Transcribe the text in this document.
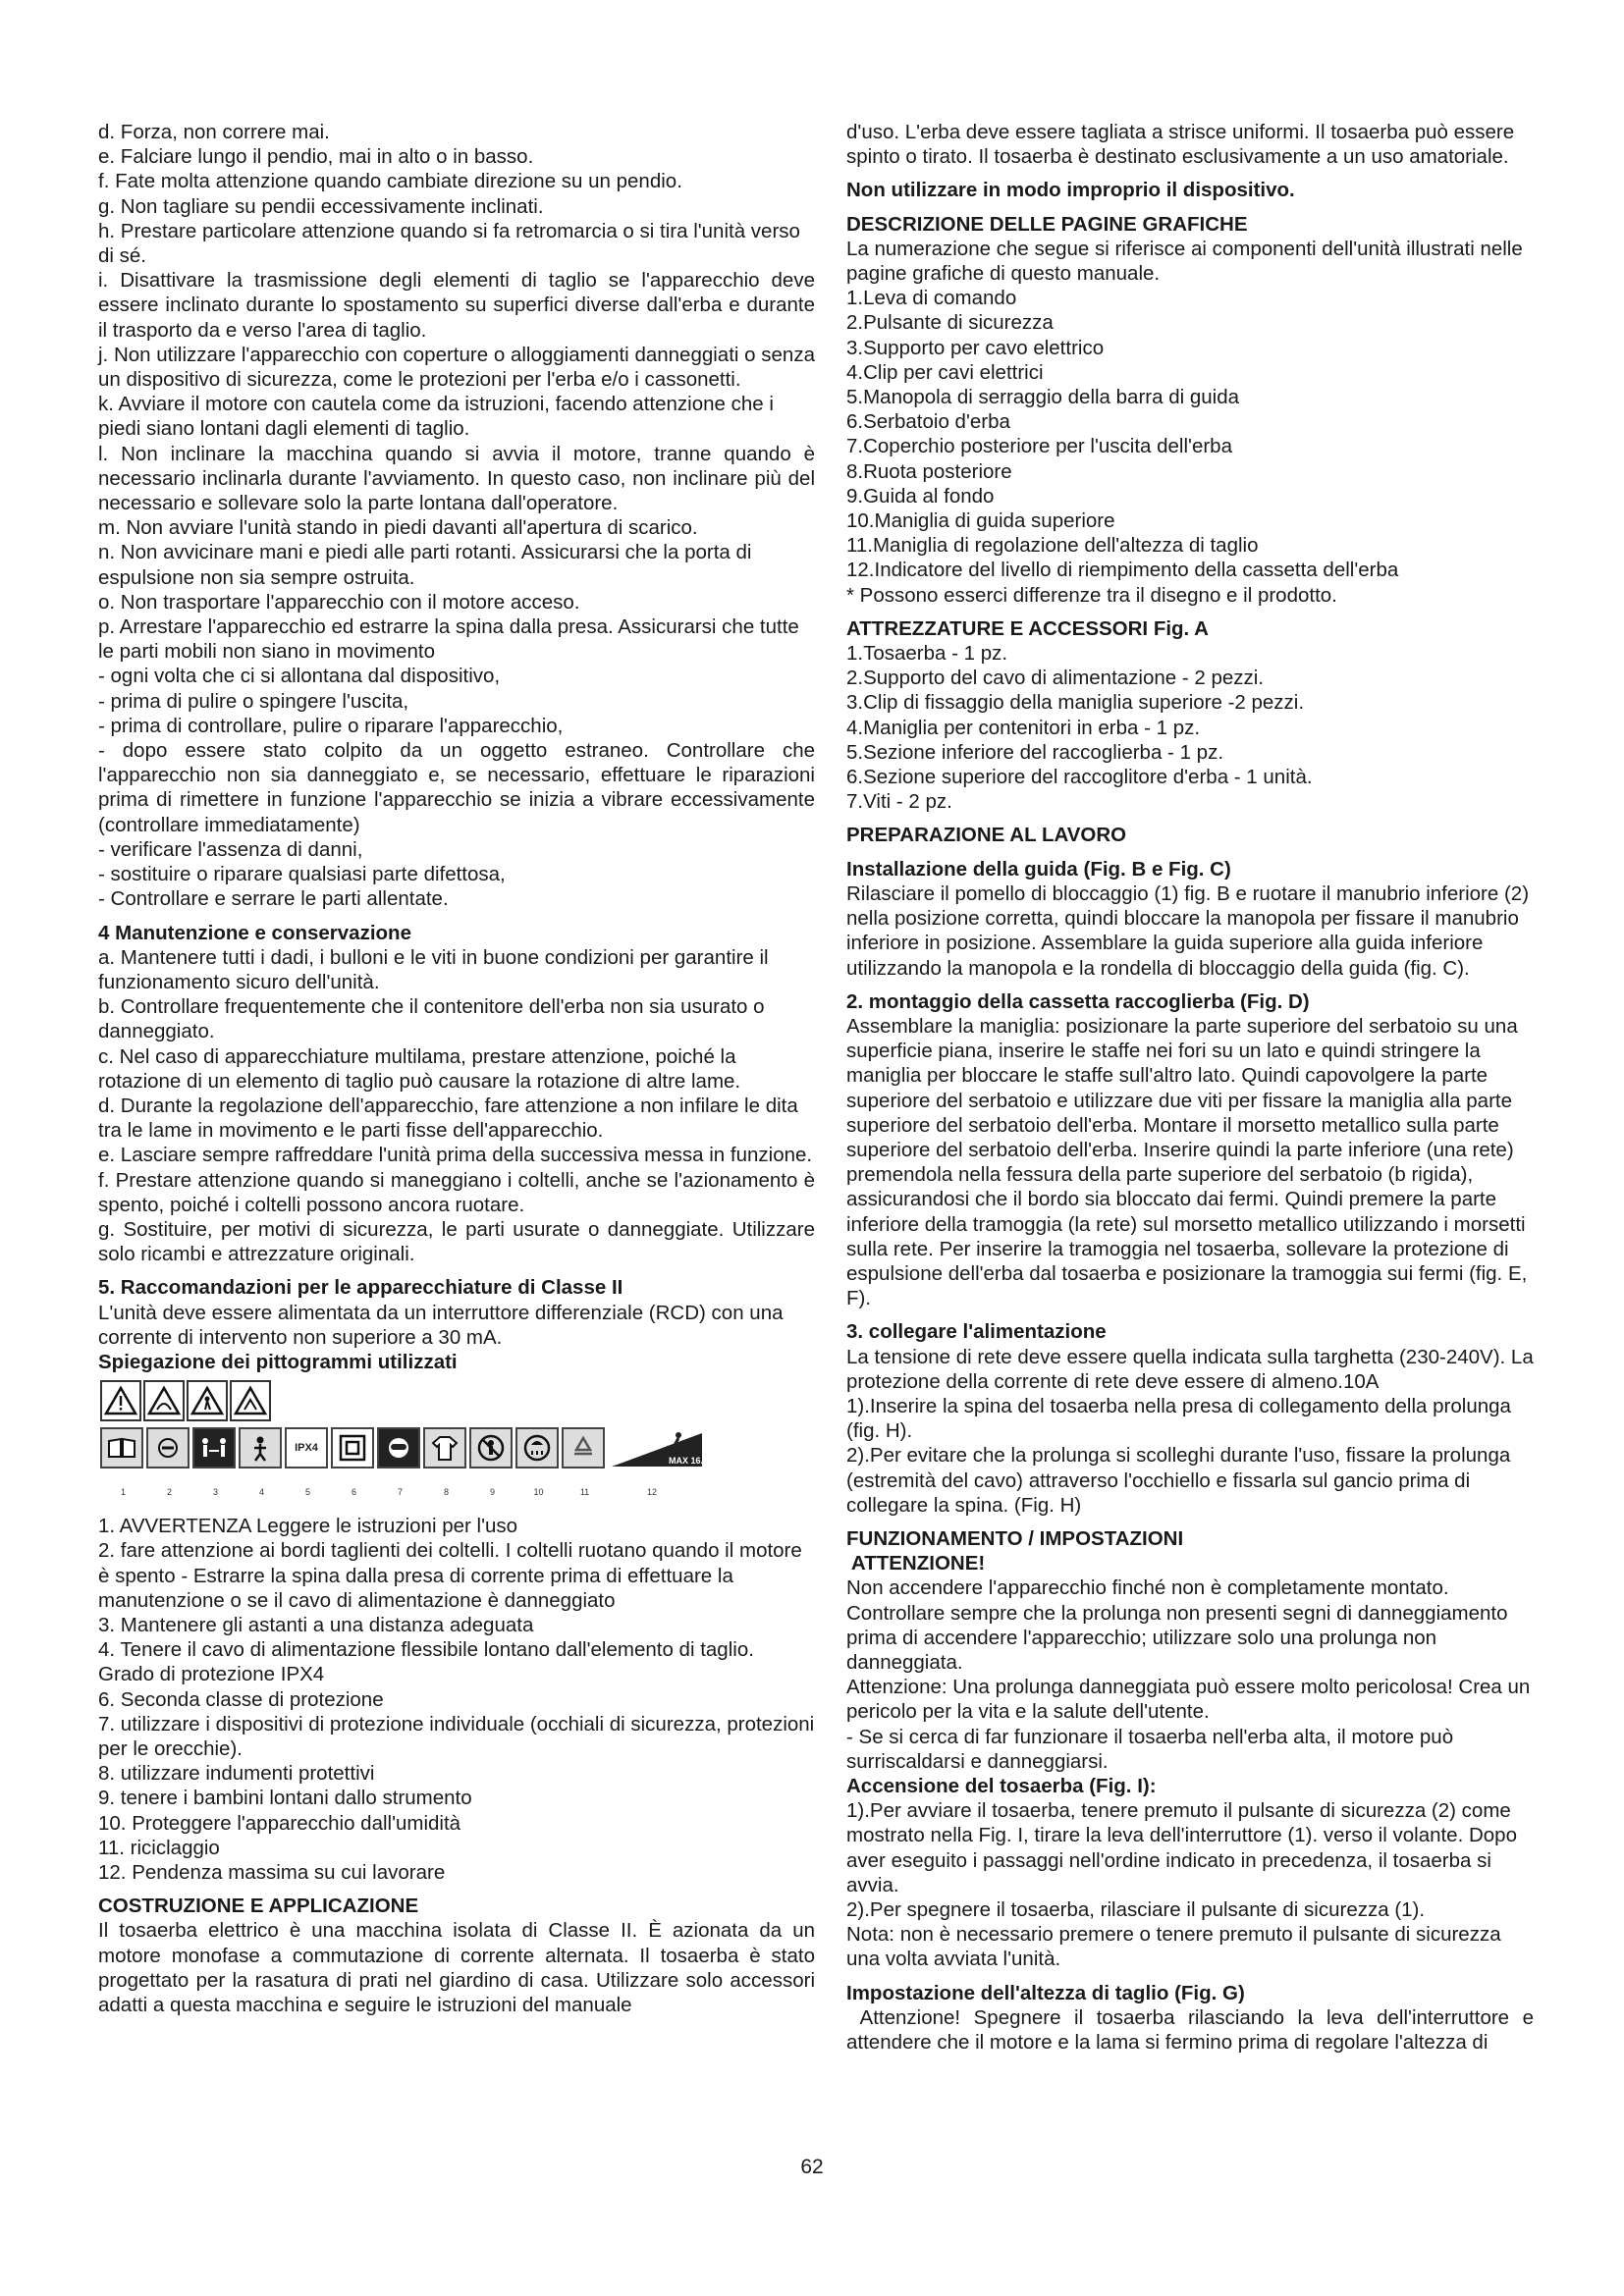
d. Forza, non correre mai.

e. Falciare lungo il pendio, mai in alto o in basso.

f. Fate molta attenzione quando cambiate direzione su un pendio.

g. Non tagliare su pendii eccessivamente inclinati.

h. Prestare particolare attenzione quando si fa retromarcia o si tira l'unità verso di sé.

i. Disattivare la trasmissione degli elementi di taglio se l'apparecchio deve essere inclinato durante lo spostamento su superfici diverse dall'erba e durante il trasporto da e verso l'area di taglio.

j. Non utilizzare l'apparecchio con coperture o alloggiamenti danneggiati o senza un dispositivo di sicurezza, come le protezioni per l'erba e/o i cassonetti.

k. Avviare il motore con cautela come da istruzioni, facendo attenzione che i piedi siano lontani dagli elementi di taglio.

l. Non inclinare la macchina quando si avvia il motore, tranne quando è necessario inclinarla durante l'avviamento. In questo caso, non inclinare più del necessario e sollevare solo la parte lontana dall'operatore.

m. Non avviare l'unità stando in piedi davanti all'apertura di scarico.

n. Non avvicinare mani e piedi alle parti rotanti. Assicurarsi che la porta di espulsione non sia sempre ostruita.

o. Non trasportare l'apparecchio con il motore acceso.

p. Arrestare l'apparecchio ed estrarre la spina dalla presa. Assicurarsi che tutte le parti mobili non siano in movimento

- ogni volta che ci si allontana dal dispositivo,

- prima di pulire o spingere l'uscita,

- prima di controllare, pulire o riparare l'apparecchio,

- dopo essere stato colpito da un oggetto estraneo. Controllare che l'apparecchio non sia danneggiato e, se necessario, effettuare le riparazioni prima di rimettere in funzione l'apparecchio se inizia a vibrare eccessivamente (controllare immediatamente)

- verificare l'assenza di danni,

- sostituire o riparare qualsiasi parte difettosa,

- Controllare e serrare le parti allentate.

4 Manutenzione e conservazione

a. Mantenere tutti i dadi, i bulloni e le viti in buone condizioni per garantire il funzionamento sicuro dell'unità.

b. Controllare frequentemente che il contenitore dell'erba non sia usurato o danneggiato.

c. Nel caso di apparecchiature multilama, prestare attenzione, poiché la rotazione di un elemento di taglio può causare la rotazione di altre lame.

d. Durante la regolazione dell'apparecchio, fare attenzione a non infilare le dita tra le lame in movimento e le parti fisse dell'apparecchio.

e. Lasciare sempre raffreddare l'unità prima della successiva messa in funzione.

f. Prestare attenzione quando si maneggiano i coltelli, anche se l'azionamento è spento, poiché i coltelli possono ancora ruotare.

g. Sostituire, per motivi di sicurezza, le parti usurate o danneggiate. Utilizzare solo ricambi e attrezzature originali.

5. Raccomandazioni per le apparecchiature di Classe II

L'unità deve essere alimentata da un interruttore differenziale (RCD) con una corrente di intervento non superiore a 30 mA.

Spiegazione dei pittogrammi utilizzati

IPX4
MAX 16.7°
1	2	3	4	5	6	7	8	9	10	11	12

1. AVVERTENZA Leggere le istruzioni per l'uso

2. fare attenzione ai bordi taglienti dei coltelli. I coltelli ruotano quando il motore è spento - Estrarre la spina dalla presa di corrente prima di effettuare la manutenzione o se il cavo di alimentazione è danneggiato

3. Mantenere gli astanti a una distanza adeguata

4. Tenere il cavo di alimentazione flessibile lontano dall'elemento di taglio.

Grado di protezione IPX4

6. Seconda classe di protezione

7. utilizzare i dispositivi di protezione individuale (occhiali di sicurezza, protezioni per le orecchie).

8. utilizzare indumenti protettivi

9. tenere i bambini lontani dallo strumento

10. Proteggere l'apparecchio dall'umidità

11. riciclaggio

12. Pendenza massima su cui lavorare

COSTRUZIONE E APPLICAZIONE

Il tosaerba elettrico è una macchina isolata di Classe II. È azionata da un motore monofase a commutazione di corrente alternata. Il tosaerba è stato progettato per la rasatura di prati nel giardino di casa. Utilizzare solo accessori adatti a questa macchina e seguire le istruzioni del manuale

d'uso. L'erba deve essere tagliata a strisce uniformi. Il tosaerba può essere spinto o tirato. Il tosaerba è destinato esclusivamente a un uso amatoriale.

Non utilizzare in modo improprio il dispositivo.

DESCRIZIONE DELLE PAGINE GRAFICHE

La numerazione che segue si riferisce ai componenti dell'unità illustrati nelle pagine grafiche di questo manuale.

1.Leva di comando

2.Pulsante di sicurezza

3.Supporto per cavo elettrico

4.Clip per cavi elettrici

5.Manopola di serraggio della barra di guida

6.Serbatoio d'erba

7.Coperchio posteriore per l'uscita dell'erba

8.Ruota posteriore

9.Guida al fondo

10.Maniglia di guida superiore

11.Maniglia di regolazione dell'altezza di taglio

12.Indicatore del livello di riempimento della cassetta dell'erba

* Possono esserci differenze tra il disegno e il prodotto.

ATTREZZATURE E ACCESSORI Fig. A

1.Tosaerba - 1 pz.

2.Supporto del cavo di alimentazione - 2 pezzi.

3.Clip di fissaggio della maniglia superiore -2 pezzi.

4.Maniglia per contenitori in erba - 1 pz.

5.Sezione inferiore del raccoglierba - 1 pz.

6.Sezione superiore del raccoglitore d'erba - 1 unità.

7.Viti - 2 pz.

PREPARAZIONE AL LAVORO

Installazione della guida (Fig. B e Fig. C)

Rilasciare il pomello di bloccaggio (1) fig. B e ruotare il manubrio inferiore (2) nella posizione corretta, quindi bloccare la manopola per fissare il manubrio inferiore in posizione. Assemblare la guida superiore alla guida inferiore utilizzando la manopola e la rondella di bloccaggio della guida (fig. C).

2. montaggio della cassetta raccoglierba (Fig. D)

Assemblare la maniglia: posizionare la parte superiore del serbatoio su una superficie piana, inserire le staffe nei fori su un lato e quindi stringere la maniglia per bloccare le staffe sull'altro lato. Quindi capovolgere la parte superiore del serbatoio e utilizzare due viti per fissare la maniglia alla parte superiore del serbatoio dell'erba. Montare il morsetto metallico sulla parte superiore del serbatoio dell'erba. Inserire quindi la parte inferiore (una rete) premendola nella fessura della parte superiore del serbatoio (b rigida), assicurandosi che il bordo sia bloccato dai fermi. Quindi premere la parte inferiore della tramoggia (la rete) sul morsetto metallico utilizzando i morsetti sulla rete. Per inserire la tramoggia nel tosaerba, sollevare la protezione di espulsione dell'erba dal tosaerba e posizionare la tramoggia sui fermi (fig. E, F).

3. collegare l'alimentazione

La tensione di rete deve essere quella indicata sulla targhetta (230-240V). La protezione della corrente di rete deve essere di almeno.10A

1).Inserire la spina del tosaerba nella presa di collegamento della prolunga (fig. H).

2).Per evitare che la prolunga si scolleghi durante l'uso, fissare la prolunga (estremità del cavo) attraverso l'occhiello e fissarla sul gancio prima di collegare la spina. (Fig. H)

FUNZIONAMENTO / IMPOSTAZIONI

ATTENZIONE!

Non accendere l'apparecchio finché non è completamente montato. Controllare sempre che la prolunga non presenti segni di danneggiamento prima di accendere l'apparecchio; utilizzare solo una prolunga non danneggiata.

Attenzione: Una prolunga danneggiata può essere molto pericolosa! Crea un pericolo per la vita e la salute dell'utente.

- Se si cerca di far funzionare il tosaerba nell'erba alta, il motore può surriscaldarsi e danneggiarsi.

Accensione del tosaerba (Fig. I):

1).Per avviare il tosaerba, tenere premuto il pulsante di sicurezza (2) come mostrato nella Fig. I, tirare la leva dell'interruttore (1). verso il volante. Dopo aver eseguito i passaggi nell'ordine indicato in precedenza, il tosaerba si avvia.

2).Per spegnere il tosaerba, rilasciare il pulsante di sicurezza (1).

Nota: non è necessario premere o tenere premuto il pulsante di sicurezza una volta avviata l'unità.

Impostazione dell'altezza di taglio (Fig. G)

Attenzione! Spegnere il tosaerba rilasciando la leva dell'interruttore e attendere che il motore e la lama si fermino prima di regolare l'altezza di

62
